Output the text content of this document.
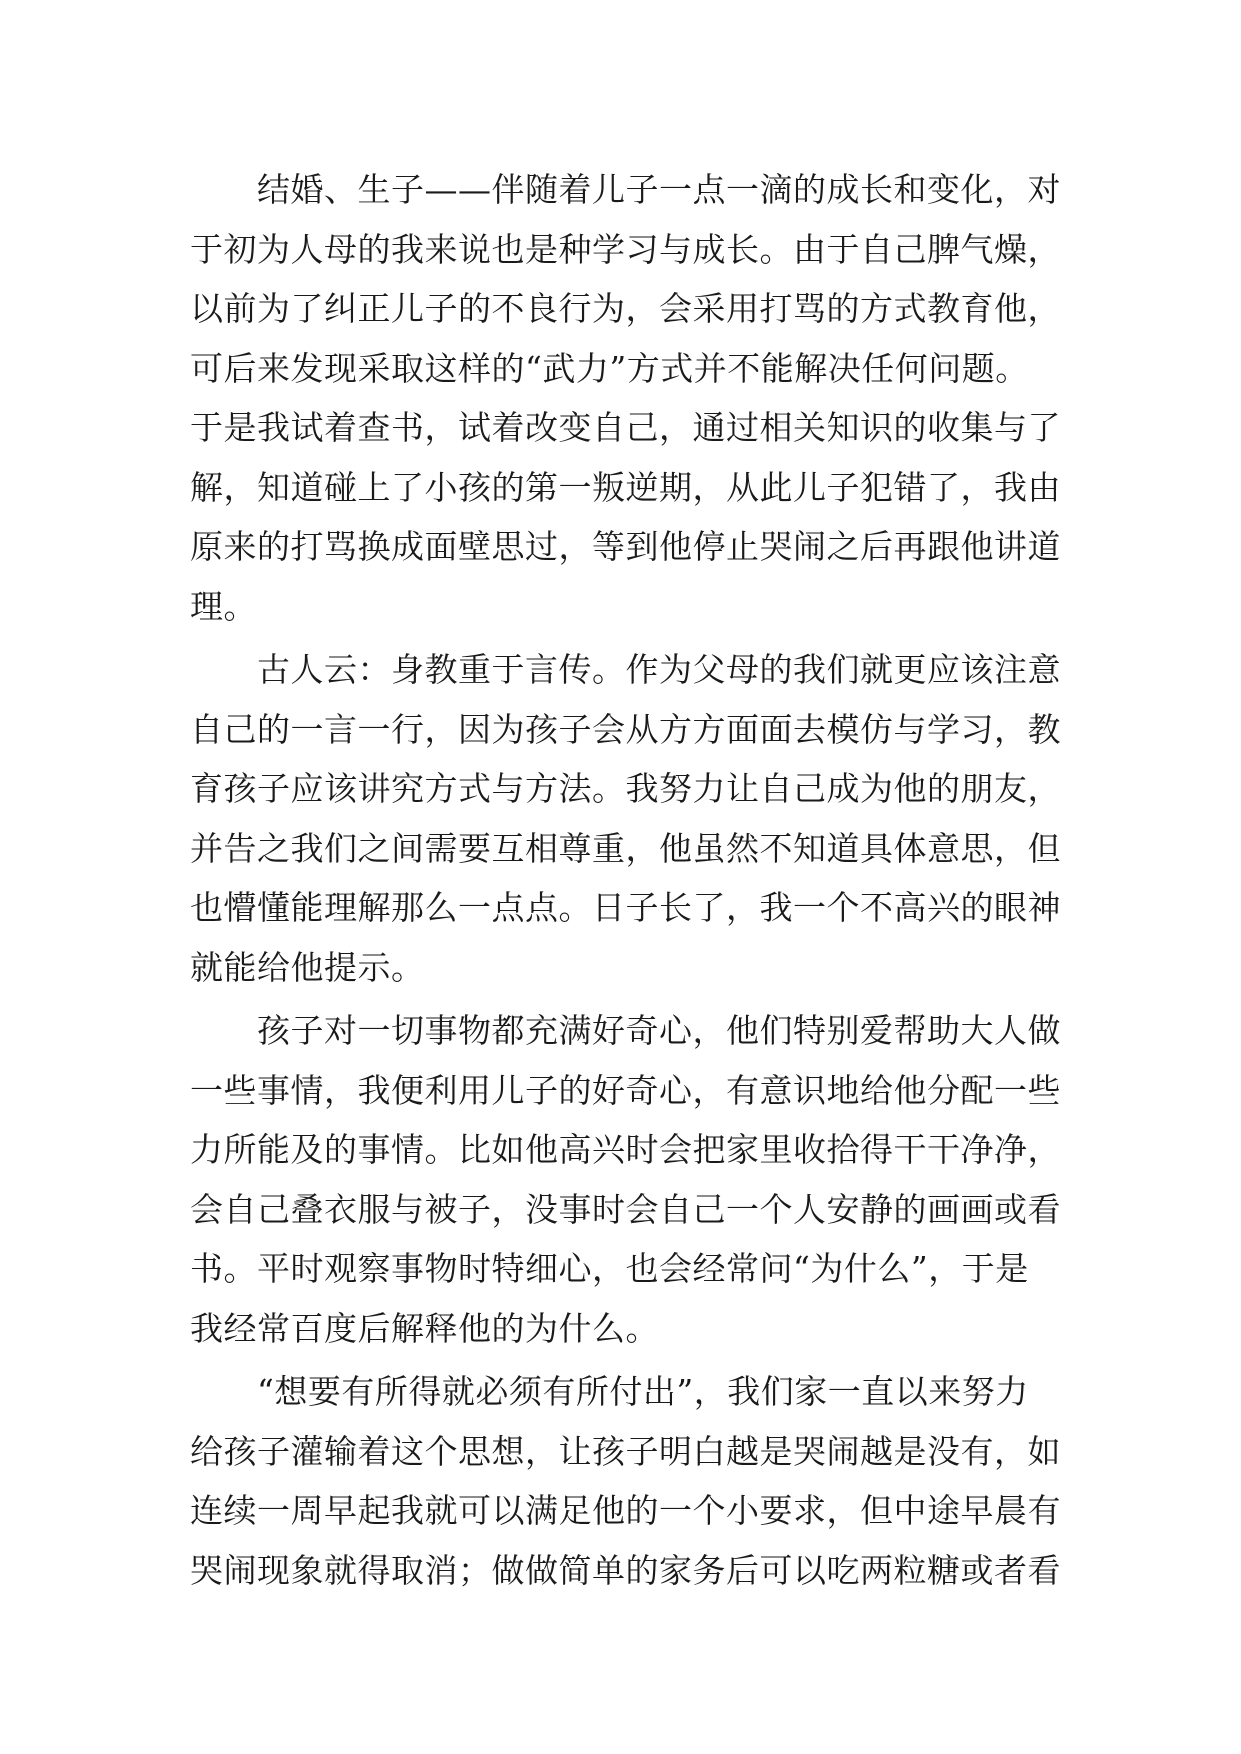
　　结婚、生子——伴随着儿子一点一滴的成长和变化，对
于初为人母的我来说也是种学习与成长。由于自己脾气燥，
以前为了纠正儿子的不良行为，会采用打骂的方式教育他，
可后来发现采取这样的“武力”方式并不能解决任何问题。
于是我试着查书，试着改变自己，通过相关知识的收集与了
解，知道碰上了小孩的第一叛逆期，从此儿子犯错了，我由
原来的打骂换成面壁思过，等到他停止哭闹之后再跟他讲道
理。
　　古人云：身教重于言传。作为父母的我们就更应该注意
自己的一言一行，因为孩子会从方方面面去模仿与学习，教
育孩子应该讲究方式与方法。我努力让自己成为他的朋友，
并告之我们之间需要互相尊重，他虽然不知道具体意思，但
也懵懂能理解那么一点点。日子长了，我一个不高兴的眼神
就能给他提示。
　　孩子对一切事物都充满好奇心，他们特别爱帮助大人做
一些事情，我便利用儿子的好奇心，有意识地给他分配一些
力所能及的事情。比如他高兴时会把家里收拾得干干净净，
会自己叠衣服与被子，没事时会自己一个人安静的画画或看
书。平时观察事物时特细心，也会经常问“为什么”，于是
我经常百度后解释他的为什么。
　　“想要有所得就必须有所付出”，我们家一直以来努力
给孩子灌输着这个思想，让孩子明白越是哭闹越是没有，如
连续一周早起我就可以满足他的一个小要求，但中途早晨有
哭闹现象就得取消；做做简单的家务后可以吃两粒糖或者看
